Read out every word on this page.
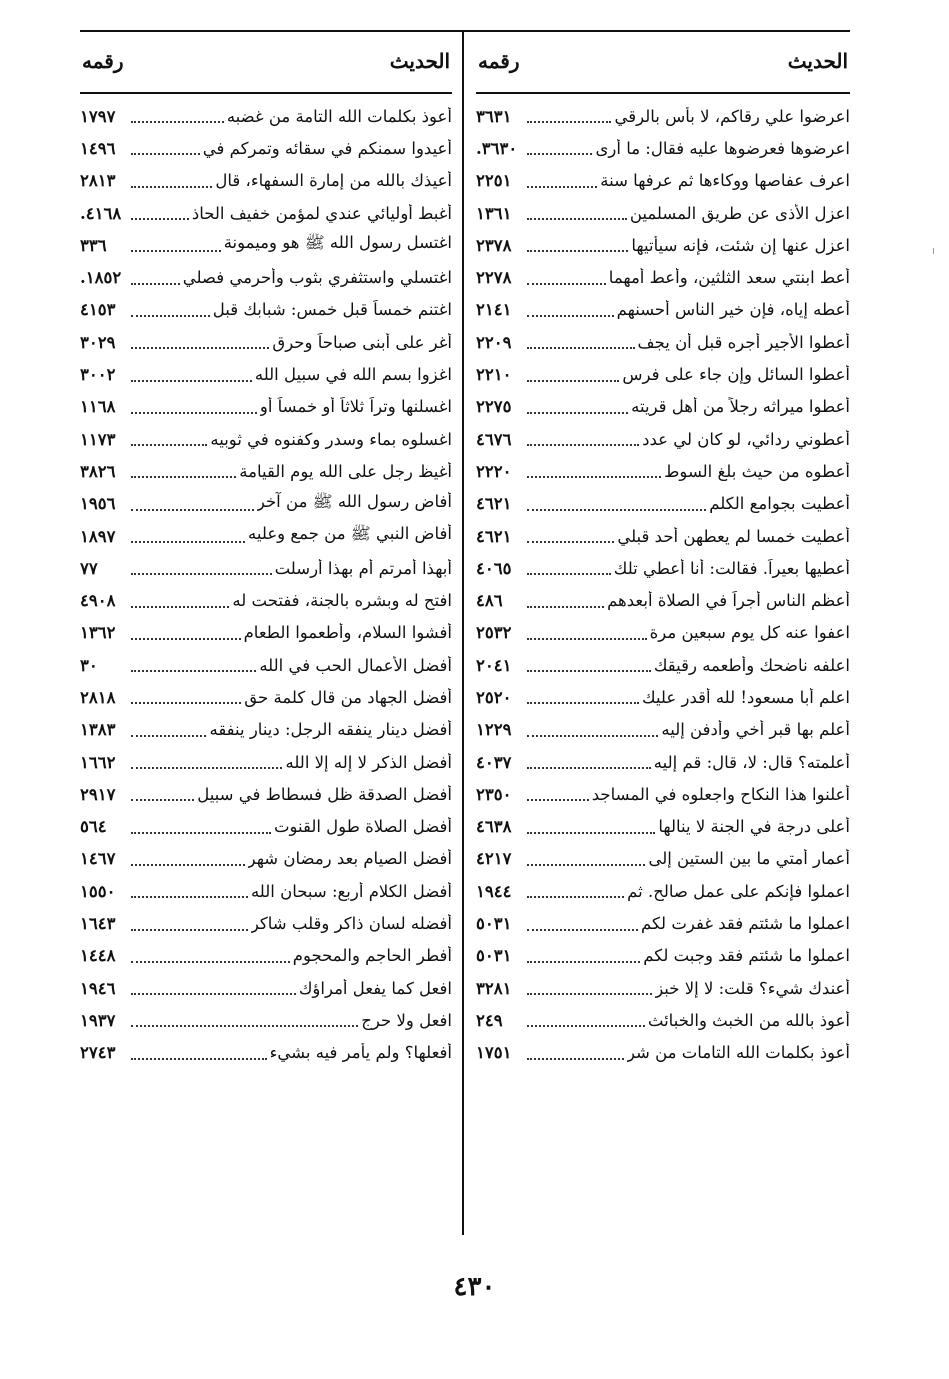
الحديث
رقمه
اعرضوا علي رقاكم، لا بأس بالرقي
٣٦٣١
اعرضوها فعرضوها عليه فقال: ما أرى
٣٦٣٠.
اعرف عفاصها ووكاءها ثم عرفها سنة
٢٢٥١
اعزل الأذى عن طريق المسلمين
١٣٦١
اعزل عنها إن شئت، فإنه سيأتيها
٢٣٧٨
أعط ابنتي سعد الثلثين، وأعط أمهما
٢٢٧٨
أعطه إياه، فإن خير الناس أحسنهم
٢١٤١
أعطوا الأجير أجره قبل أن يجف
٢٢٠٩
أعطوا السائل وإن جاء على فرس
٢٢١٠
أعطوا ميراثه رجلاً من أهل قريته
٢٢٧٥
أعطوني ردائي، لو كان لي عدد
٤٦٧٦
أعطوه من حيث بلغ السوط
٢٢٢٠
أعطيت بجوامع الكلم
٤٦٢١
أعطيت خمسا لم يعطهن أحد قبلي
٤٦٢١
أعطيها بعيراً. فقالت: أنا أعطي تلك
٤٠٦٥
أعظم الناس أجراً في الصلاة أبعدهم
٤٨٦
اعفوا عنه كل يوم سبعين مرة
٢٥٣٢
اعلفه ناضحك وأطعمه رقيقك
٢٠٤١
اعلم أبا مسعود! لله أقدر عليك
٢٥٢٠
أعلم بها قبر أخي وأدفن إليه
١٢٢٩
أعلمته؟ قال: لا، قال: قم إليه
٤٠٣٧
أعلنوا هذا النكاح واجعلوه في المساجد
٢٣٥٠
أعلى درجة في الجنة لا ينالها
٤٦٣٨
أعمار أمتي ما بين الستين إلى
٤٢١٧
اعملوا فإنكم على عمل صالح. ثم
١٩٤٤
اعملوا ما شئتم فقد غفرت لكم
٥٠٣١
اعملوا ما شئتم فقد وجبت لكم
٥٠٣١
أعندك شيء؟ قلت: لا إلا خبز
٣٢٨١
أعوذ بالله من الخبث والخبائث
٢٤٩
أعوذ بكلمات الله التامات من شر
١٧٥١
الحديث
رقمه
أعوذ بكلمات الله التامة من غضبه
١٧٩٧
أعيدوا سمنكم في سقائه وتمركم في
١٤٩٦
أعيذك بالله من إمارة السفهاء، قال
٢٨١٣
أغبط أوليائي عندي لمؤمن خفيف الحاذ
٤١٦٨.
اغتسل رسول الله ﷺ هو وميمونة
٣٣٦
اغتسلي واستثفري بثوب وأحرمي فصلي
١٨٥٢.
اغتنم خمساً قبل خمس: شبابك قبل
٤١٥٣
أغر على أبنى صباحاً وحرق
٣٠٢٩
اغزوا بسم الله في سبيل الله
٣٠٠٢
اغسلنها وتراً ثلاثاً أو خمساً أو
١١٦٨
اغسلوه بماء وسدر وكفنوه في ثوبيه
١١٧٣
أغيظ رجل على الله يوم القيامة
٣٨٢٦
أفاض رسول الله ﷺ من آخر
١٩٥٦
أفاض النبي ﷺ من جمع وعليه
١٨٩٧
أبهذا أمرتم أم بهذا أرسلت
٧٧
افتح له وبشره بالجنة، ففتحت له
٤٩٠٨
أفشوا السلام، وأطعموا الطعام
١٣٦٢
أفضل الأعمال الحب في الله
٣٠
أفضل الجهاد من قال كلمة حق
٢٨١٨
أفضل دينار ينفقه الرجل: دينار ينفقه
١٣٨٣
أفضل الذكر لا إله إلا الله
١٦٦٢
أفضل الصدقة ظل فسطاط في سبيل
٢٩١٧
أفضل الصلاة طول القنوت
٥٦٤
أفضل الصيام بعد رمضان شهر
١٤٦٧
أفضل الكلام أربع: سبحان الله
١٥٥٠
أفضله لسان ذاكر وقلب شاكر
١٦٤٣
أفطر الحاجم والمحجوم
١٤٤٨
افعل كما يفعل أمراؤك
١٩٤٦
افعل ولا حرج
١٩٣٧
أفعلها؟ ولم يأمر فيه بشيء
٢٧٤٣
٤٣٠
